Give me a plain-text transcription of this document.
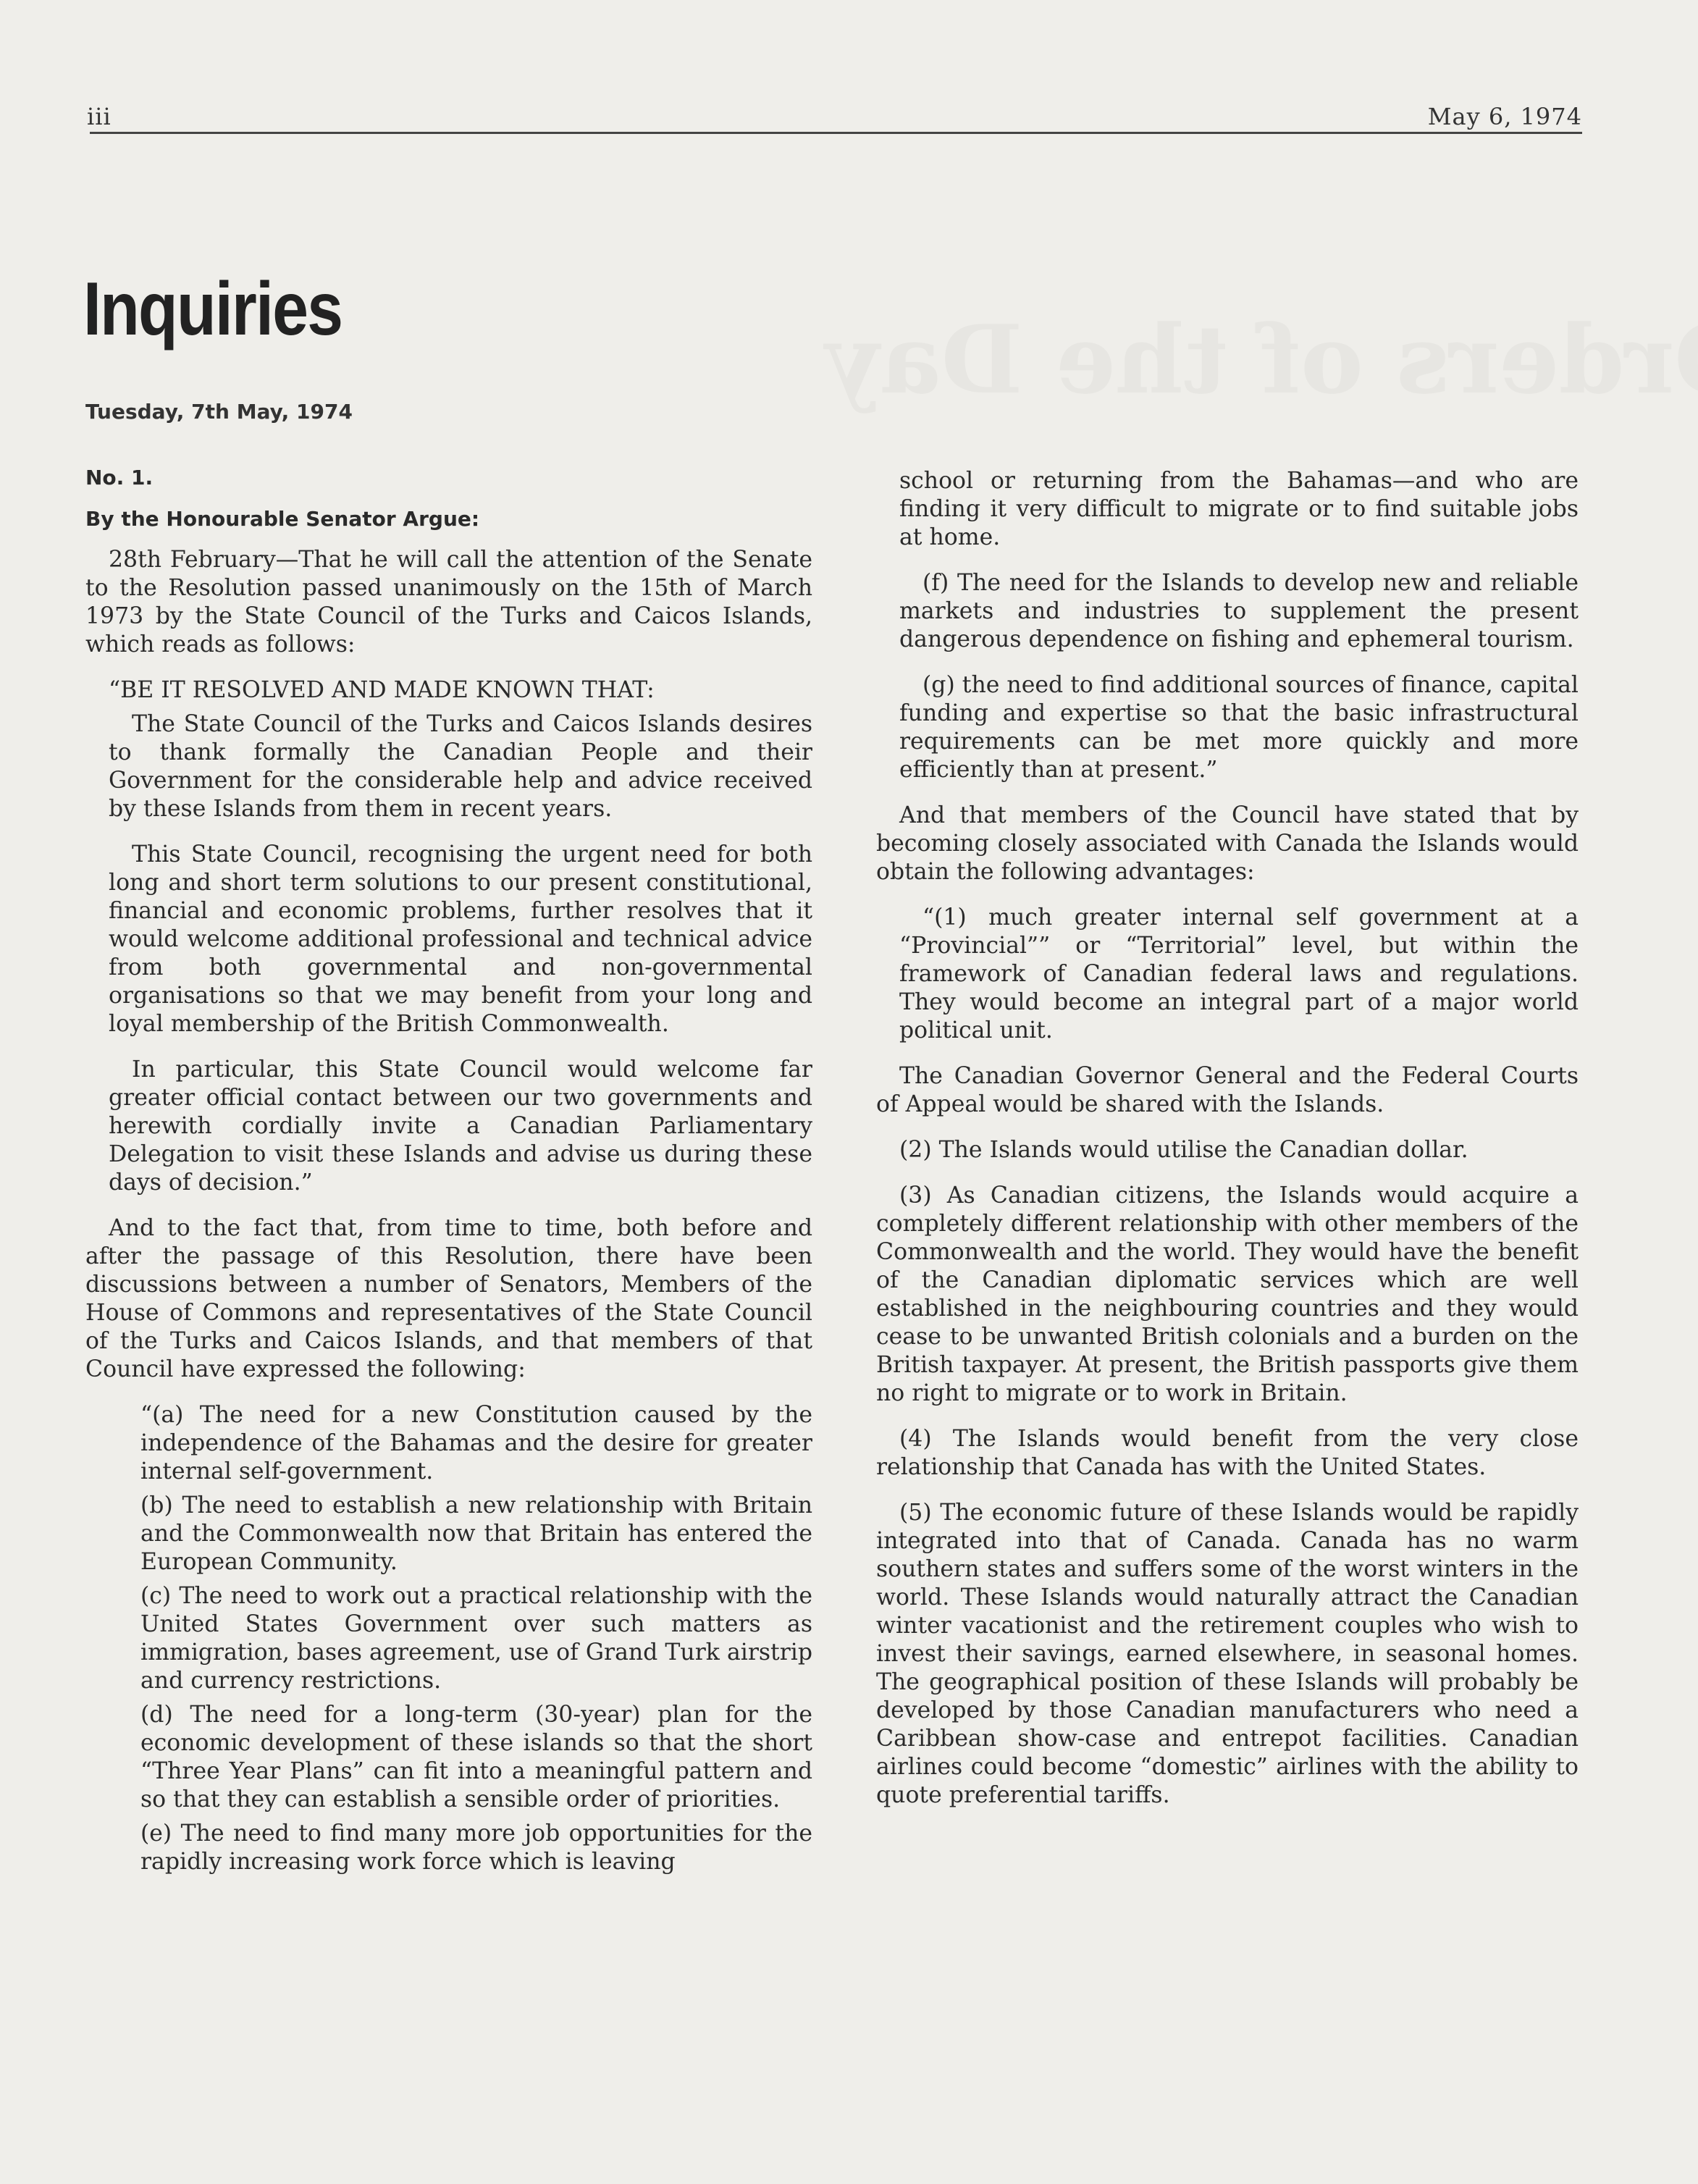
iii	May 6, 1974
Inquiries
Tuesday, 7th May, 1974

No. 1.

By the Honourable Senator Argue:

28th February—That he will call the attention of the Senate to the Resolution passed unanimously on the 15th of March 1973 by the State Council of the Turks and Caicos Islands, which reads as follows:

“BE IT RESOLVED AND MADE KNOWN THAT:

The State Council of the Turks and Caicos Islands desires to thank formally the Canadian People and their Government for the considerable help and advice received by these Islands from them in recent years.

This State Council, recognising the urgent need for both long and short term solutions to our present constitutional, financial and economic problems, further resolves that it would welcome additional professional and technical advice from both governmental and non-governmental organisations so that we may benefit from your long and loyal membership of the British Commonwealth.

In particular, this State Council would welcome far greater official contact between our two governments and herewith cordially invite a Canadian Parliamentary Delegation to visit these Islands and advise us during these days of decision.”

And to the fact that, from time to time, both before and after the passage of this Resolution, there have been discussions between a number of Senators, Members of the House of Commons and representatives of the State Council of the Turks and Caicos Islands, and that members of that Council have expressed the following:

“(a) The need for a new Constitution caused by the independence of the Bahamas and the desire for greater internal self-government.

(b) The need to establish a new relationship with Britain and the Commonwealth now that Britain has entered the European Community.

(c) The need to work out a practical relationship with the United States Government over such matters as immigration, bases agreement, use of Grand Turk airstrip and currency restrictions.

(d) The need for a long-term (30-year) plan for the economic development of these islands so that the short “Three Year Plans” can fit into a meaningful pattern and so that they can establish a sensible order of priorities.

(e) The need to find many more job opportunities for the rapidly increasing work force which is leaving

school or returning from the Bahamas—and who are finding it very difficult to migrate or to find suitable jobs at home.

(f) The need for the Islands to develop new and reliable markets and industries to supplement the present dangerous dependence on fishing and ephemeral tourism.

(g) the need to find additional sources of finance, capital funding and expertise so that the basic infrastructural requirements can be met more quickly and more efficiently than at present.”

And that members of the Council have stated that by becoming closely associated with Canada the Islands would obtain the following advantages:

“(1) much greater internal self government at a “Provincial”” or “Territorial” level, but within the framework of Canadian federal laws and regulations. They would become an integral part of a major world political unit.

The Canadian Governor General and the Federal Courts of Appeal would be shared with the Islands.

(2) The Islands would utilise the Canadian dollar.

(3) As Canadian citizens, the Islands would acquire a completely different relationship with other members of the Commonwealth and the world. They would have the benefit of the Canadian diplomatic services which are well established in the neighbouring countries and they would cease to be unwanted British colonials and a burden on the British taxpayer. At present, the British passports give them no right to migrate or to work in Britain.

(4) The Islands would benefit from the very close relationship that Canada has with the United States.

(5) The economic future of these Islands would be rapidly integrated into that of Canada. Canada has no warm southern states and suffers some of the worst winters in the world. These Islands would naturally attract the Canadian winter vacationist and the retirement couples who wish to invest their savings, earned elsewhere, in seasonal homes. The geographical position of these Islands will probably be developed by those Canadian manufacturers who need a Caribbean show-case and entrepot facilities. Canadian airlines could become “domestic” airlines with the ability to quote preferential tariffs.
